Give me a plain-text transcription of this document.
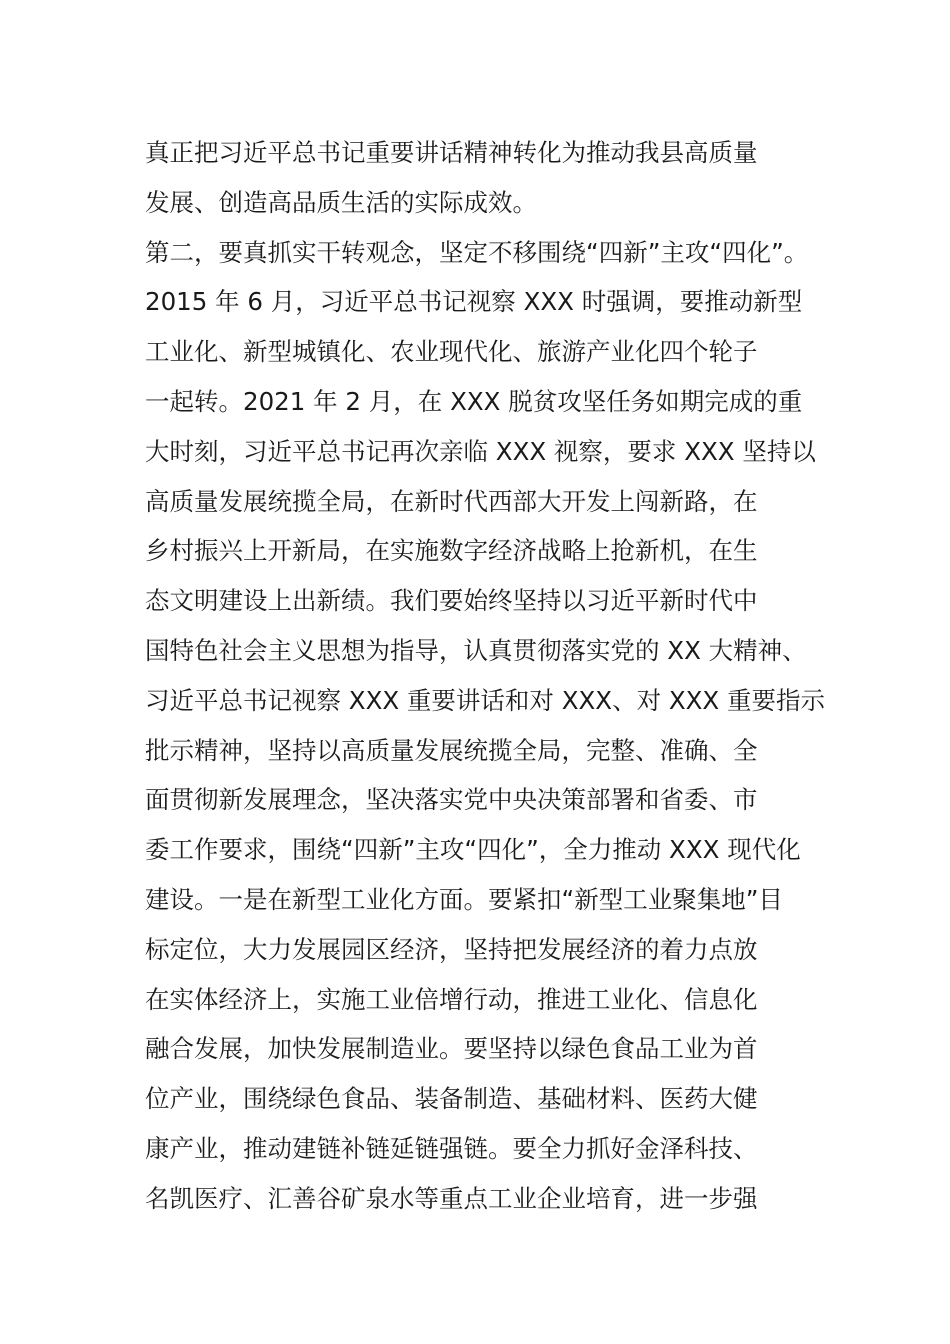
真正把习近平总书记重要讲话精神转化为推动我县高质量
发展、创造高品质生活的实际成效。
第二，要真抓实干转观念，坚定不移围绕“四新”主攻“四化”。
2015 年 6 月，习近平总书记视察 XXX 时强调，要推动新型
工业化、新型城镇化、农业现代化、旅游产业化四个轮子
一起转。2021 年 2 月，在 XXX 脱贫攻坚任务如期完成的重
大时刻，习近平总书记再次亲临 XXX 视察，要求 XXX 坚持以
高质量发展统揽全局，在新时代西部大开发上闯新路，在
乡村振兴上开新局，在实施数字经济战略上抢新机，在生
态文明建设上出新绩。我们要始终坚持以习近平新时代中
国特色社会主义思想为指导，认真贯彻落实党的 XX 大精神、
习近平总书记视察 XXX 重要讲话和对 XXX、对 XXX 重要指示
批示精神，坚持以高质量发展统揽全局，完整、准确、全
面贯彻新发展理念，坚决落实党中央决策部署和省委、市
委工作要求，围绕“四新”主攻“四化”，全力推动 XXX 现代化
建设。一是在新型工业化方面。要紧扣“新型工业聚集地”目
标定位，大力发展园区经济，坚持把发展经济的着力点放
在实体经济上，实施工业倍增行动，推进工业化、信息化
融合发展，加快发展制造业。要坚持以绿色食品工业为首
位产业，围绕绿色食品、装备制造、基础材料、医药大健
康产业，推动建链补链延链强链。要全力抓好金泽科技、
名凯医疗、汇善谷矿泉水等重点工业企业培育，进一步强
